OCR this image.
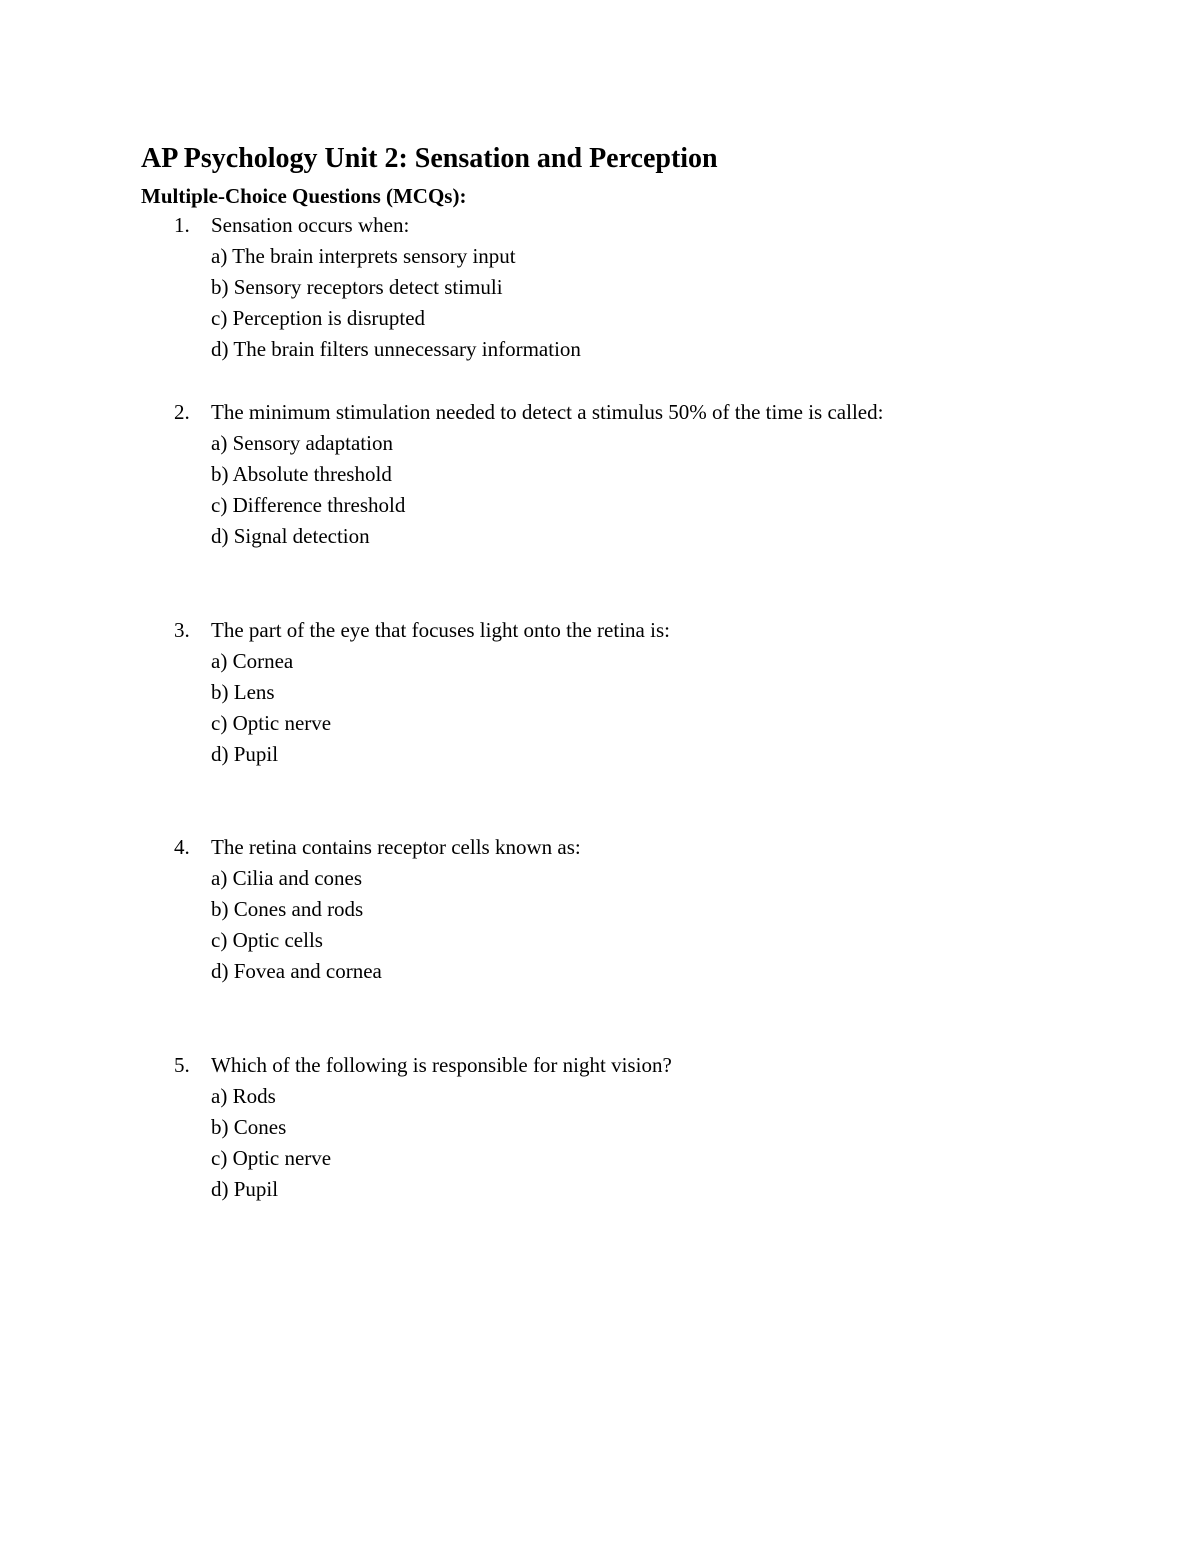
AP Psychology Unit 2: Sensation and Perception
Multiple-Choice Questions (MCQs):
1. Sensation occurs when:
a) The brain interprets sensory input
b) Sensory receptors detect stimuli
c) Perception is disrupted
d) The brain filters unnecessary information
2. The minimum stimulation needed to detect a stimulus 50% of the time is called:
a) Sensory adaptation
b) Absolute threshold
c) Difference threshold
d) Signal detection
3. The part of the eye that focuses light onto the retina is:
a) Cornea
b) Lens
c) Optic nerve
d) Pupil
4. The retina contains receptor cells known as:
a) Cilia and cones
b) Cones and rods
c) Optic cells
d) Fovea and cornea
5. Which of the following is responsible for night vision?
a) Rods
b) Cones
c) Optic nerve
d) Pupil
